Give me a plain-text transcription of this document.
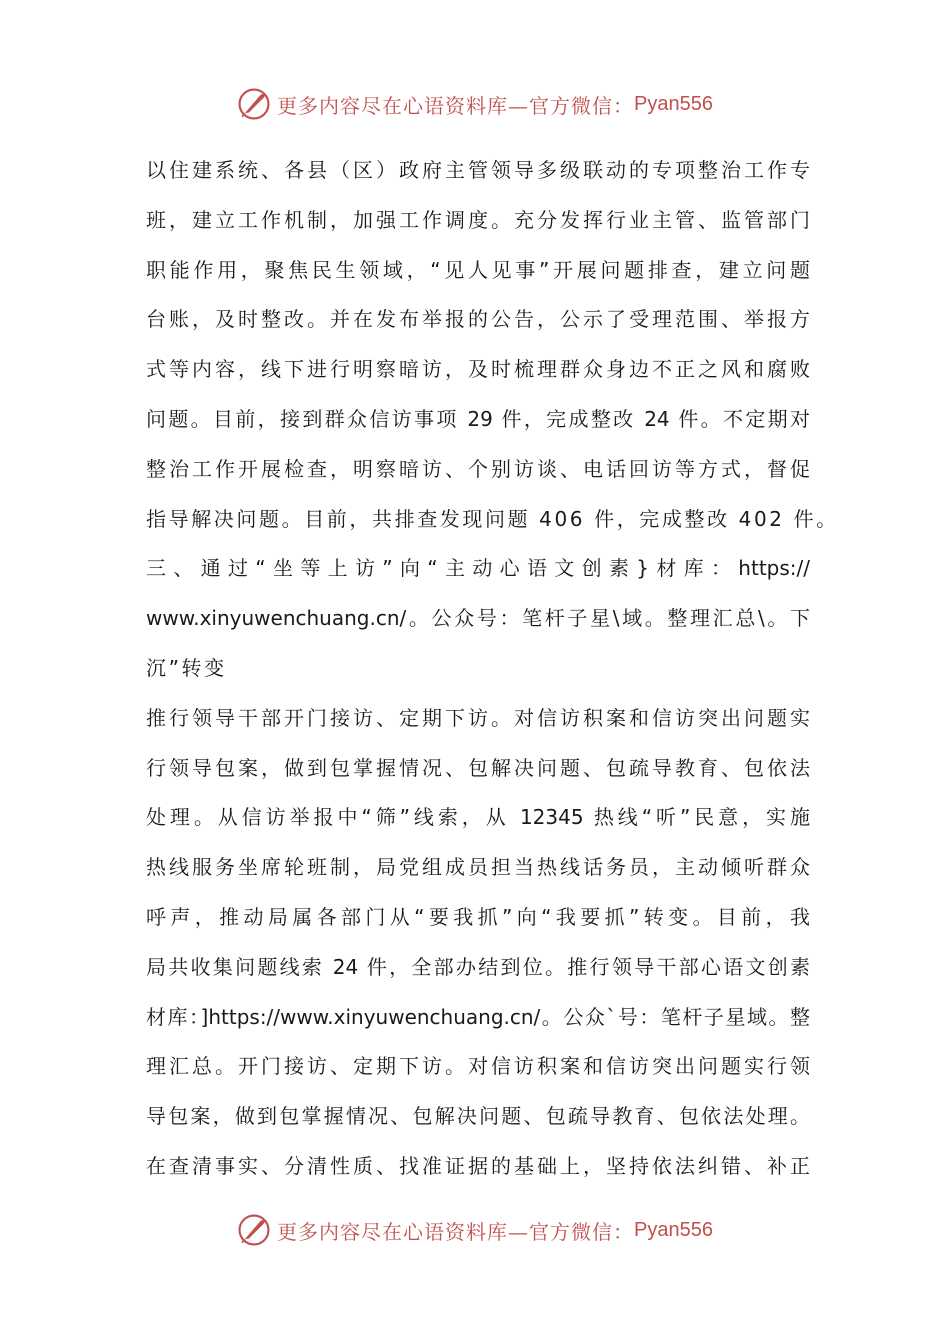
更多内容尽在心语资料库 —官方微信： Pyan556
以住建系统、各县（区）政府主管领导多级联动的专项整治工作专
班，建立工作机制，加强工作调度。充分发挥行业主管、监管部门
职能作用，聚焦民生领域，“见人见事”开展问题排查，建立问题
台账，及时整改。并在发布举报的公告，公示了受理范围、举报方
式等内容，线下进行明察暗访，及时梳理群众身边不正之风和腐败
问题。目前，接到群众信访事项 29 件，完成整改 24 件。不定期对
整治工作开展检查，明察暗访、个别访谈、电话回访等方式，督促
指导解决问题。目前，共排查发现问题 406 件，完成整改 402 件。
三、通过“坐等上访”向“主动心语文创素}材库：https://
www.xinyuwenchuang.cn/。公众号：笔杆子星\域。整理汇总\。下
沉”转变
推行领导干部开门接访、定期下访。对信访积案和信访突出问题实
行领导包案，做到包掌握情况、包解决问题、包疏导教育、包依法
处理。从信访举报中“筛”线索，从 12345 热线“听”民意，实施
热线服务坐席轮班制，局党组成员担当热线话务员，主动倾听群众
呼声，推动局属各部门从“要我抓”向“我要抓”转变。目前，我
局共收集问题线索 24 件，全部办结到位。推行领导干部心语文创素
材库：]https://www.xinyuwenchuang.cn/。公众`号：笔杆子星域。整
理汇总。开门接访、定期下访。对信访积案和信访突出问题实行领
导包案，做到包掌握情况、包解决问题、包疏导教育、包依法处理。
在查清事实、分清性质、找准证据的基础上，坚持依法纠错、补正
更多内容尽在心语资料库 —官方微信： Pyan556
